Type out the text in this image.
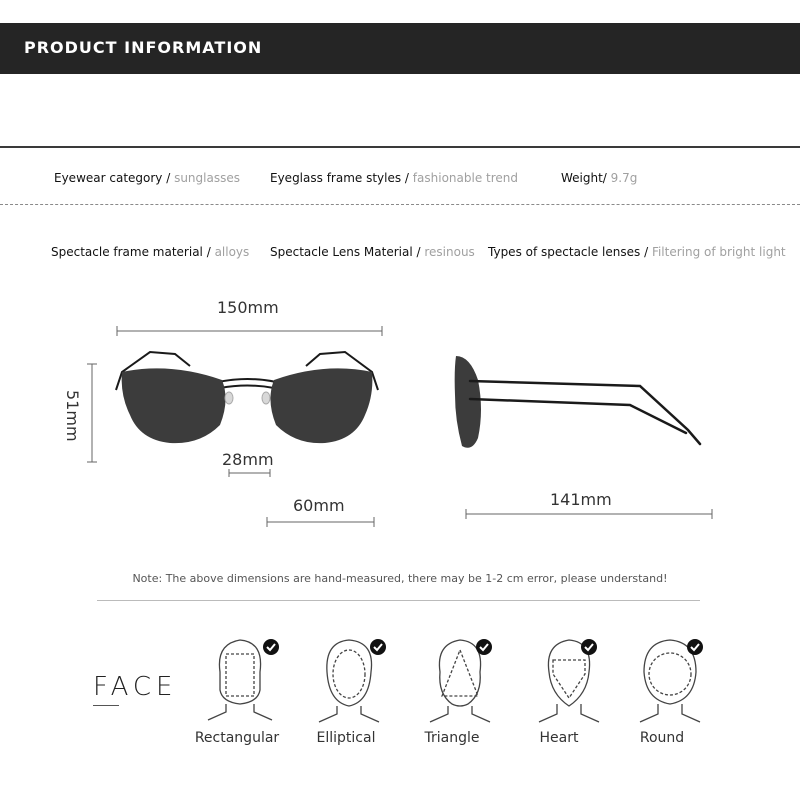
PRODUCT INFORMATION
Eyewear category / sunglasses	Eyeglass frame styles / fashionable trend	Weight/ 9.7g
Spectacle frame material / alloys Spectacle Lens Material / resinous Types of spectacle lenses / Filtering of bright light
150mm
51mm
28mm
60mm	141mm
Note: The above dimensions are hand-measured, there may be 1-2 cm error, please understand!
FACE
Rectangular	Elliptical	Triangle	Heart	Round
